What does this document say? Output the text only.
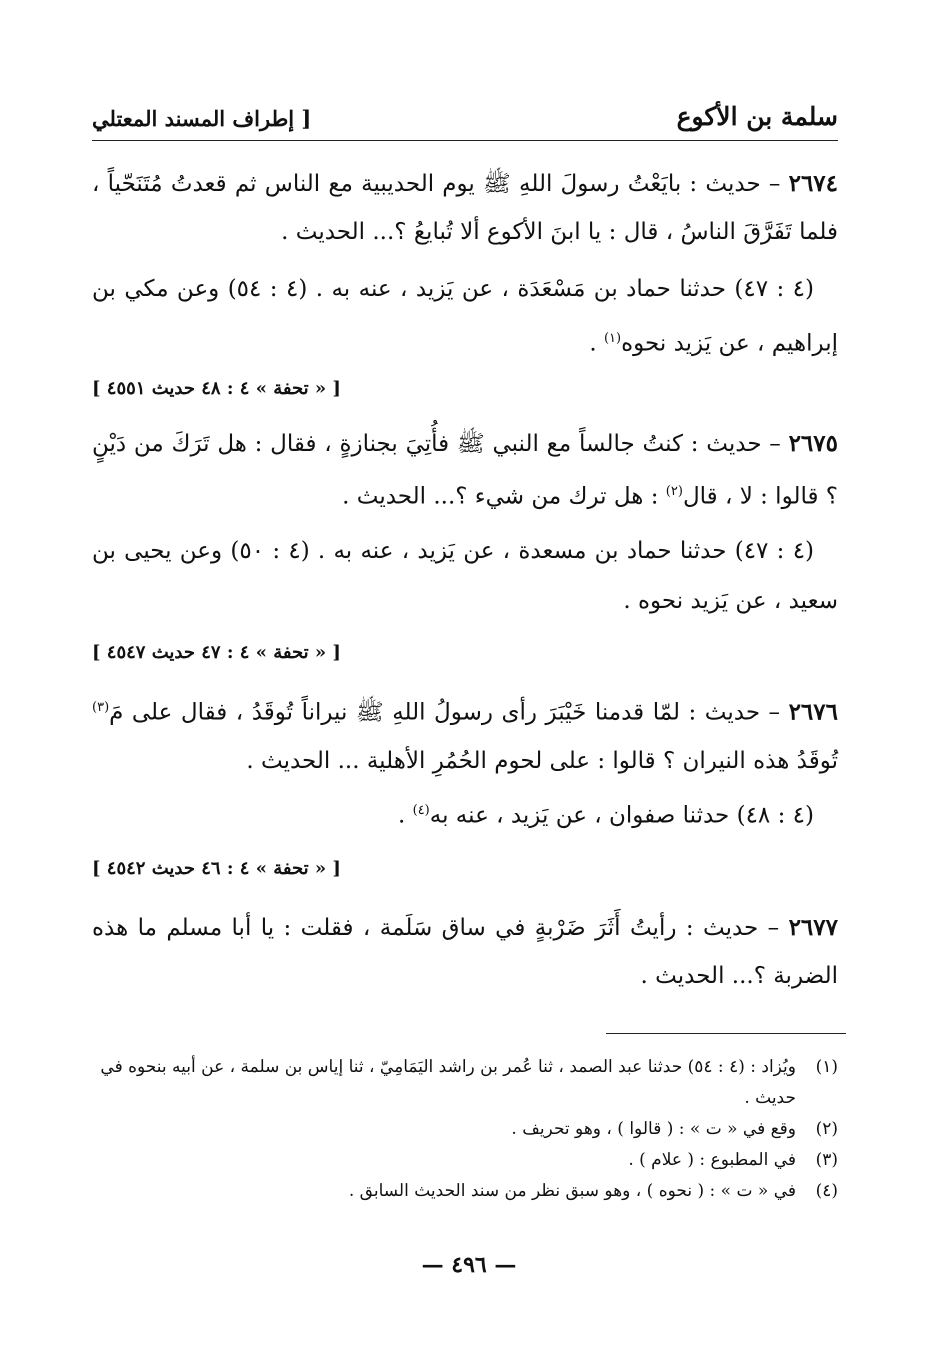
سلمة بن الأكوع
[ إطراف المسند المعتلي

٢٦٧٤ – حديث : بايَعْتُ رسولَ اللهِ ﷺ يوم الحديبية مع الناس ثم قعدتُ مُتَنَحّياً ، فلما تَفَرَّقَ الناسُ ، قال : يا ابنَ الأكوع ألا تُبايعُ ؟... الحديث .

(٤ : ٤٧) حدثنا حماد بن مَسْعَدَة ، عن يَزيد ، عنه به . (٤ : ٥٤) وعن مكي بن إبراهيم ، عن يَزيد نحوه$^{(١)}$ .

[ « تحفة » ٤ : ٤٨ حديث ٤٥٥١ ]

٢٦٧٥ – حديث : كنتُ جالساً مع النبي ﷺ فأُتِيَ بجنازةٍ ، فقال : هل تَرَكَ من دَيْنٍ ؟ قالوا : لا ، قال$^{(٢)}$ : هل ترك من شيء ؟... الحديث .

(٤ : ٤٧) حدثنا حماد بن مسعدة ، عن يَزيد ، عنه به . (٤ : ٥٠) وعن يحيى بن سعيد ، عن يَزيد نحوه .

[ « تحفة » ٤ : ٤٧ حديث ٤٥٤٧ ]

٢٦٧٦ – حديث : لمّا قدمنا خَيْبَرَ رأى رسولُ اللهِ ﷺ نيراناً تُوقَدُ ، فقال على مَ$^{(٣)}$ تُوقَدُ هذه النيران ؟ قالوا : على لحوم الحُمُرِ الأهلية ... الحديث .

(٤ : ٤٨) حدثنا صفوان ، عن يَزيد ، عنه به$^{(٤)}$ .

[ « تحفة » ٤ : ٤٦ حديث ٤٥٤٢ ]

٢٦٧٧ – حديث : رأيتُ أَثَرَ ضَرْبةٍ في ساق سَلَمة ، فقلت : يا أبا مسلم ما هذه الضربة ؟... الحديث .

(١)
ويُزاد : (٤ : ٥٤) حدثنا عبد الصمد ، ثنا عُمر بن راشد اليَمَامِيّ ، ثنا إياس بن سلمة ، عن أبيه بنحوه في حديث .

(٢)
وقع في « ت » : ( قالوا ) ، وهو تحريف .

(٣)
في المطبوع : ( علام ) .

(٤)
في « ت » : ( نحوه ) ، وهو سبق نظر من سند الحديث السابق .

— ٤٩٦ —
